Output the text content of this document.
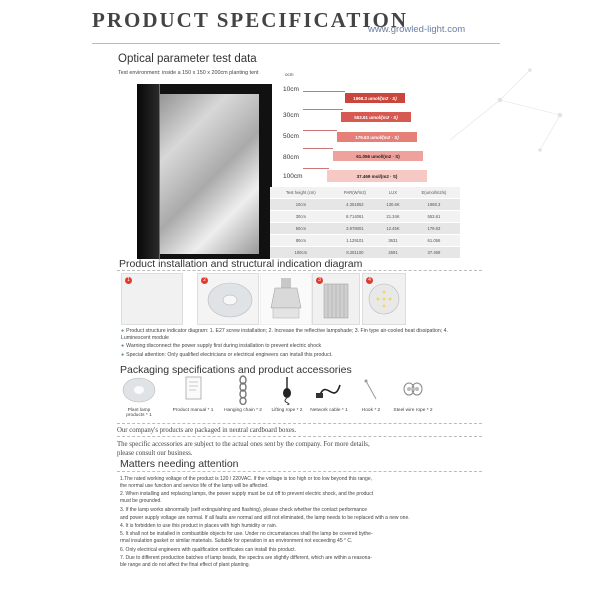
PRODUCT SPECIFICATION
www.growled-light.com
Optical parameter test data
Test environment: inside a 150 x 150 x 200cm planting tent	ocm
10cm
30cm
50cm
80cm
100cm
1968.3
umol/(m2 · S)
553.61
umol/(m2 · S)
179.63
umol/(m2 · S)
61.056
umol/(m2 · S)
37.469
mol/(m2 · S)
Test height (cm)	PAR(W/m2)	LUX	E(umol/m2/s)
10cm	4.351952	130.6K	1968.3
30cm	8.714061	21.34K	553.61
50cm	3.978001	12.45K	179.63
80cm	1.129101	3631	61.056
100cm	8.281100	2691	37.469
Product installation and structural indication diagram
1	2	3	4
● Product structure indicator diagram: 1. E27 screw installation; 2. Increase the reflective lampshade; 3. Fin type air-cooled heat dissipation; 4. Luminescent module
● Warning:disconnect the power supply first during installation to prevent electric shock
● Special attention: Only qualified electricians or electrical engineers can install this product.
Packaging specifications and product accessories
Plant lamp products * 1
Product manual * 1	Hanging chain * 2	Lifting rope * 2	Network cable * 1	Hook * 2	Steel wire rope * 2
Our company's products are packaged in neutral cardboard boxes.
The specific accessories are subject to the actual ones sent by the company. For more details, please consult our business.
Matters needing attention
1.The rated working voltage of the product is 120 / 220VAC. If the voltage is too high or too low beyond this range,
the normal use function and service life of the lamp will be affected.
2. When installing and replacing lamps, the power supply must be cut off to prevent electric shock, and the product
must be grounded.
3. If the lamp works abnormally (self extinguishing and flashing), please check whether the contact performance
and power supply voltage are normal. If all faults are normal and still not eliminated, the lamp needs to be replaced with a new one.
4. It is forbidden to use this product in places with high humidity or rain.
5. It shall not be installed in combustible objects for use. Under no circumstances shall the lamp be covered bythe-
rmal insulation gasket or similar materials. Suitable for operation in an environment not exceeding 45 ° C.
6. Only electrical engineers with qualification certificates can install this product.
7. Due to different production batches of lamp beads, the spectra are slightly different, which are within a reasona-
ble range and do not affect the final effect of plant planting.
